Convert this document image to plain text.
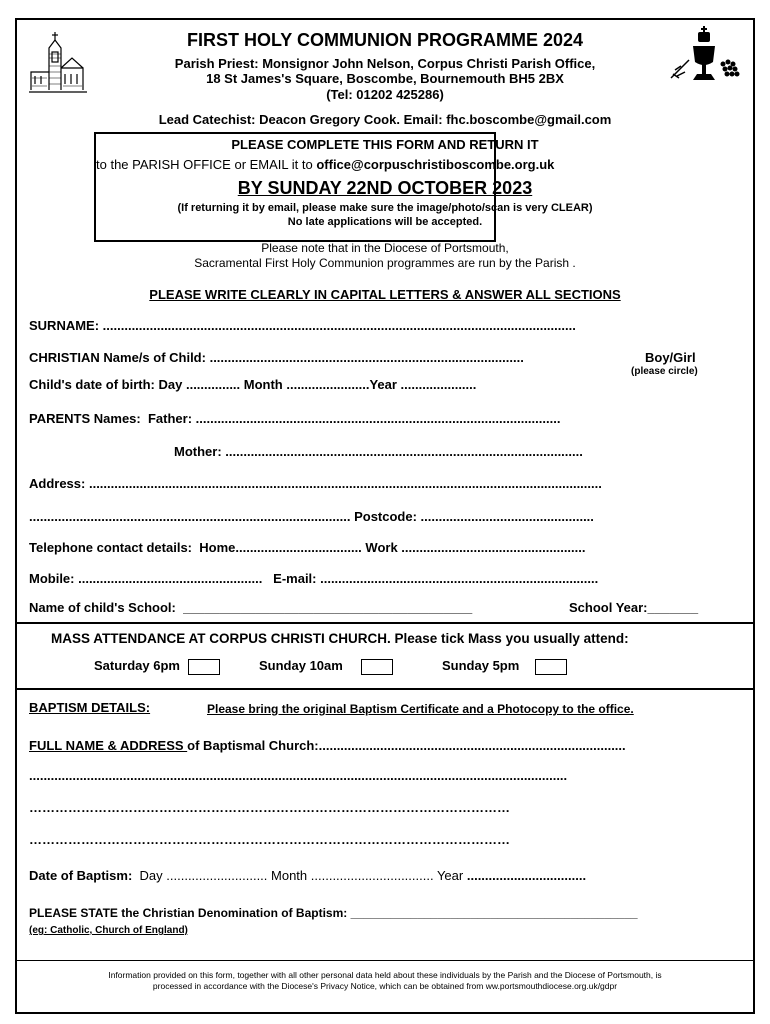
FIRST HOLY COMMUNION PROGRAMME 2024
Parish Priest: Monsignor John Nelson, Corpus Christi Parish Office,
18 St James's Square, Boscombe, Bournemouth BH5 2BX
(Tel: 01202 425286)
Lead Catechist: Deacon Gregory Cook. Email: fhc.boscombe@gmail.com
PLEASE COMPLETE THIS FORM AND RETURN IT
to the PARISH OFFICE or EMAIL it to office@corpuschristiboscombe.org.uk
BY SUNDAY 22ND OCTOBER 2023
(If returning it by email, please make sure the image/photo/scan is very CLEAR)
No late applications will be accepted.
Please note that in the Diocese of Portsmouth,
Sacramental First Holy Communion programmes are run by the Parish .
PLEASE WRITE CLEARLY IN CAPITAL LETTERS & ANSWER ALL SECTIONS
SURNAME: ...................................................................................................................................
CHRISTIAN Name/s of Child: .......................................................................................	Boy/Girl
(please circle)
Child's date of birth: Day ............... Month .......................Year .....................
PARENTS Names: Father: .....................................................................................................
Mother: ...................................................................................................
Address: ..............................................................................................................................................
......................................................................................... Postcode: ................................................
Telephone contact details: Home................................... Work ...................................................
Mobile: ...................................................   E-mail: .............................................................................
Name of child's School:  ________________________________________	School Year:_______
MASS ATTENDANCE AT CORPUS CHRISTI CHURCH. Please tick Mass you usually attend:
Saturday 6pm	Sunday 10am	Sunday 5pm
BAPTISM DETAILS:	Please bring the original Baptism Certificate and a Photocopy to the office.
FULL NAME & ADDRESS of Baptismal Church:.....................................................................................
.....................................................................................................................................................
…………………………………………………………………………………………………
…………………………………………………………………………………………………
Date of Baptism: Day ............................ Month .................................. Year .................................
PLEASE STATE the Christian Denomination of Baptism: ___________________________________________
(eg: Catholic, Church of England)
Information provided on this form, together with all other personal data held about these individuals by the Parish and the Diocese of Portsmouth, is
processed in accordance with the Diocese's Privacy Notice, which can be obtained from ww.portsmouthdiocese.org.uk/gdpr
